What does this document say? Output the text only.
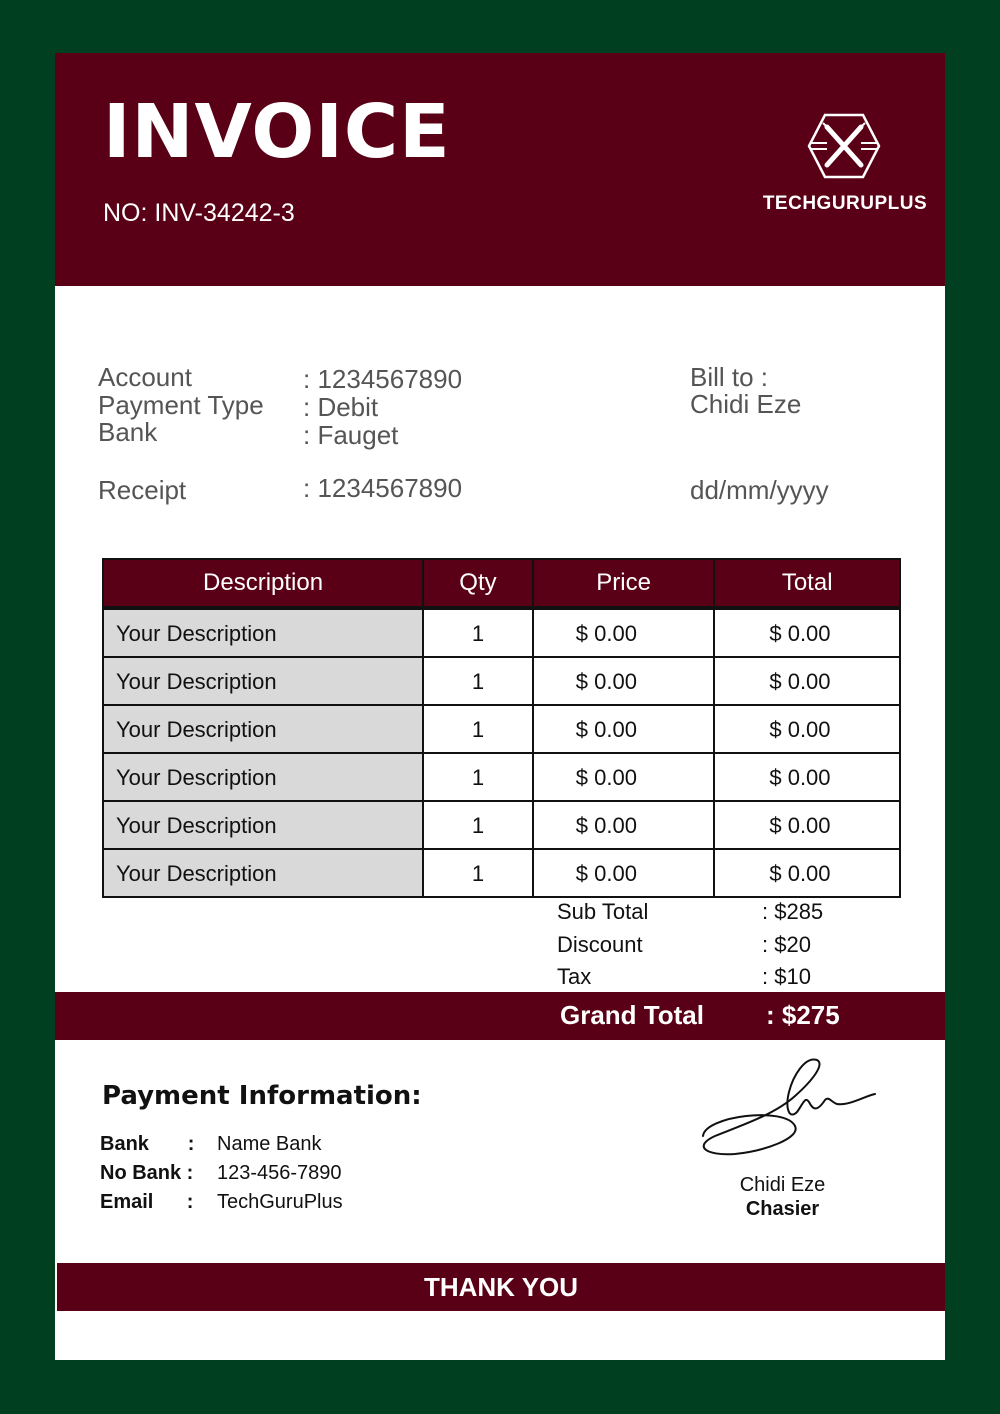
INVOICE
NO: INV-34242-3	TECHGURUPLUS
Account	: 1234567890
Payment Type : Debit
Bank	: Fauget
Receipt	: 1234567890
Bill to :
Chidi Eze
dd/mm/yyyy
Description	Qty	Price	Total
Your Description	1	$ 0.00	$ 0.00
Your Description	1	$ 0.00	$ 0.00
Your Description	1	$ 0.00	$ 0.00
Your Description	1	$ 0.00	$ 0.00
Your Description	1	$ 0.00	$ 0.00
Your Description	1	$ 0.00	$ 0.00
Sub Total	: $285
Discount	: $20
Tax	: $10
Grand Total : $275
Payment Information:
Bank       : Name Bank
No Bank : 123-456-7890
Email      : TechGuruPlus
Chidi Eze
Chasier
THANK YOU
